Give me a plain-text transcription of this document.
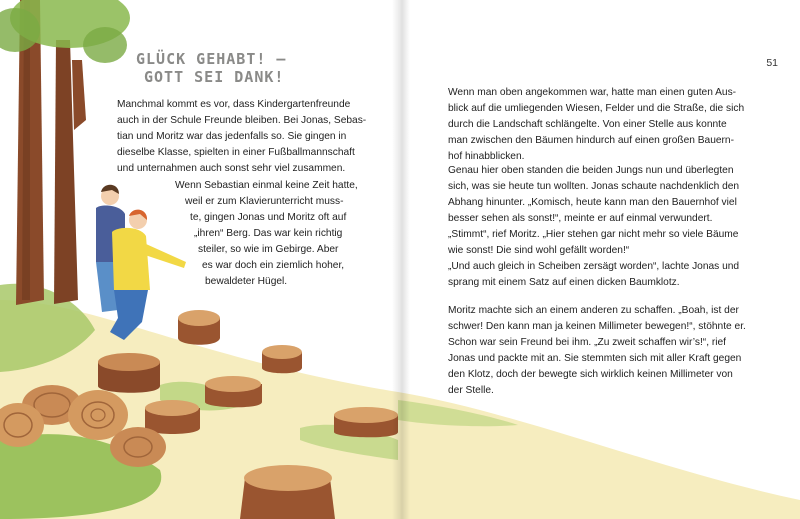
GLÜCK GEHABT! –
GOTT SEI DANK!
Manchmal kommt es vor, dass Kindergartenfreunde
auch in der Schule Freunde bleiben. Bei Jonas, Sebas-
tian und Moritz war das jedenfalls so. Sie gingen in
dieselbe Klasse, spielten in einer Fußballmannschaft
und unternahmen auch sonst sehr viel zusammen.
Wenn Sebastian einmal keine Zeit hatte,
weil er zum Klavierunterricht muss-
te, gingen Jonas und Moritz oft auf
„ihren“ Berg. Das war kein richtig
steiler, so wie im Gebirge. Aber
es war doch ein ziemlich hoher,
bewaldeter Hügel.
51
Wenn man oben angekommen war, hatte man einen guten Aus-
blick auf die umliegenden Wiesen, Felder und die Straße, die sich
durch die Landschaft schlängelte. Von einer Stelle aus konnte
man zwischen den Bäumen hindurch auf einen großen Bauern-
hof hinabblicken.
Genau hier oben standen die beiden Jungs nun und überlegten
sich, was sie heute tun wollten. Jonas schaute nachdenklich den
Abhang hinunter. „Komisch, heute kann man den Bauernhof viel
besser sehen als sonst!“, meinte er auf einmal verwundert.
„Stimmt“, rief Moritz. „Hier stehen gar nicht mehr so viele Bäume
wie sonst! Die sind wohl gefällt worden!“
„Und auch gleich in Scheiben zersägt worden“, lachte Jonas und
sprang mit einem Satz auf einen dicken Baumklotz.
Moritz machte sich an einem anderen zu schaffen. „Boah, ist der
schwer! Den kann man ja keinen Millimeter bewegen!“, stöhnte er.
Schon war sein Freund bei ihm. „Zu zweit schaffen wir’s!“, rief
Jonas und packte mit an. Sie stemmten sich mit aller Kraft gegen
den Klotz, doch der bewegte sich wirklich keinen Millimeter von
der Stelle.
